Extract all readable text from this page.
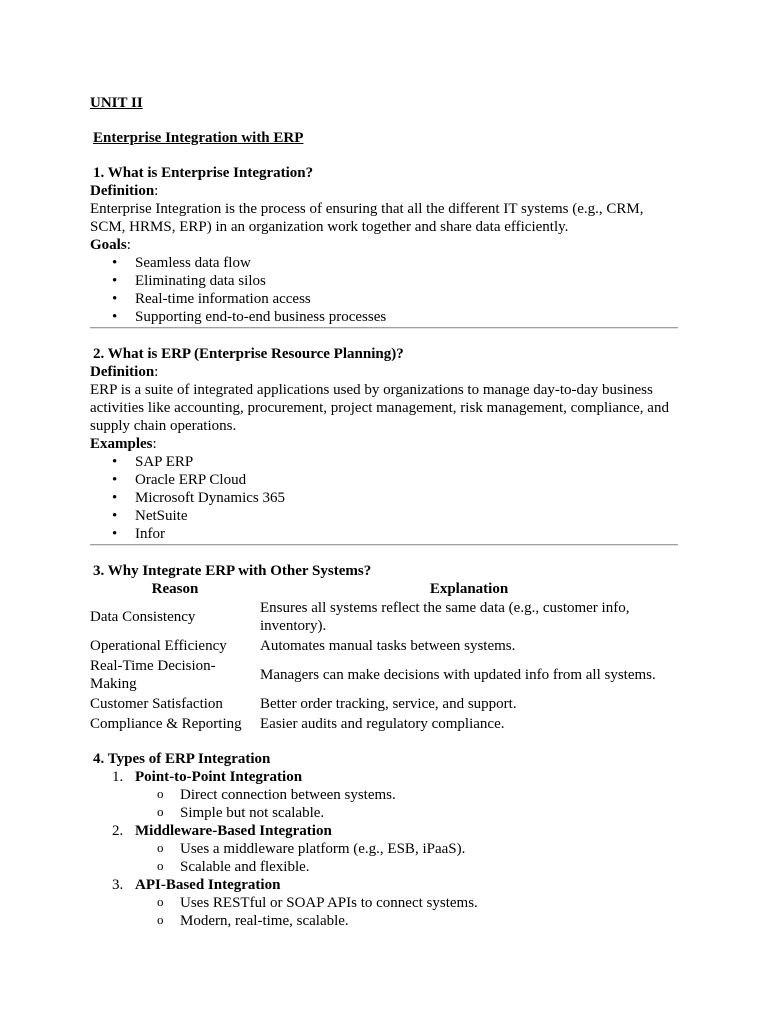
UNIT II
Enterprise Integration with ERP
1. What is Enterprise Integration?
Definition:
Enterprise Integration is the process of ensuring that all the different IT systems (e.g., CRM, SCM, HRMS, ERP) in an organization work together and share data efficiently.
Goals:
• Seamless data flow
• Eliminating data silos
• Real-time information access
• Supporting end-to-end business processes
2. What is ERP (Enterprise Resource Planning)?
Definition:
ERP is a suite of integrated applications used by organizations to manage day-to-day business activities like accounting, procurement, project management, risk management, compliance, and supply chain operations.
Examples:
• SAP ERP
• Oracle ERP Cloud
• Microsoft Dynamics 365
• NetSuite
• Infor
3. Why Integrate ERP with Other Systems?
Reason	Explanation
Data Consistency	Ensures all systems reflect the same data (e.g., customer info, inventory).
Operational Efficiency	Automates manual tasks between systems.
Real-Time Decision-Making	Managers can make decisions with updated info from all systems.
Customer Satisfaction	Better order tracking, service, and support.
Compliance & Reporting	Easier audits and regulatory compliance.
4. Types of ERP Integration
1. Point-to-Point Integration
o Direct connection between systems.
o Simple but not scalable.
2. Middleware-Based Integration
o Uses a middleware platform (e.g., ESB, iPaaS).
o Scalable and flexible.
3. API-Based Integration
o Uses RESTful or SOAP APIs to connect systems.
o Modern, real-time, scalable.
